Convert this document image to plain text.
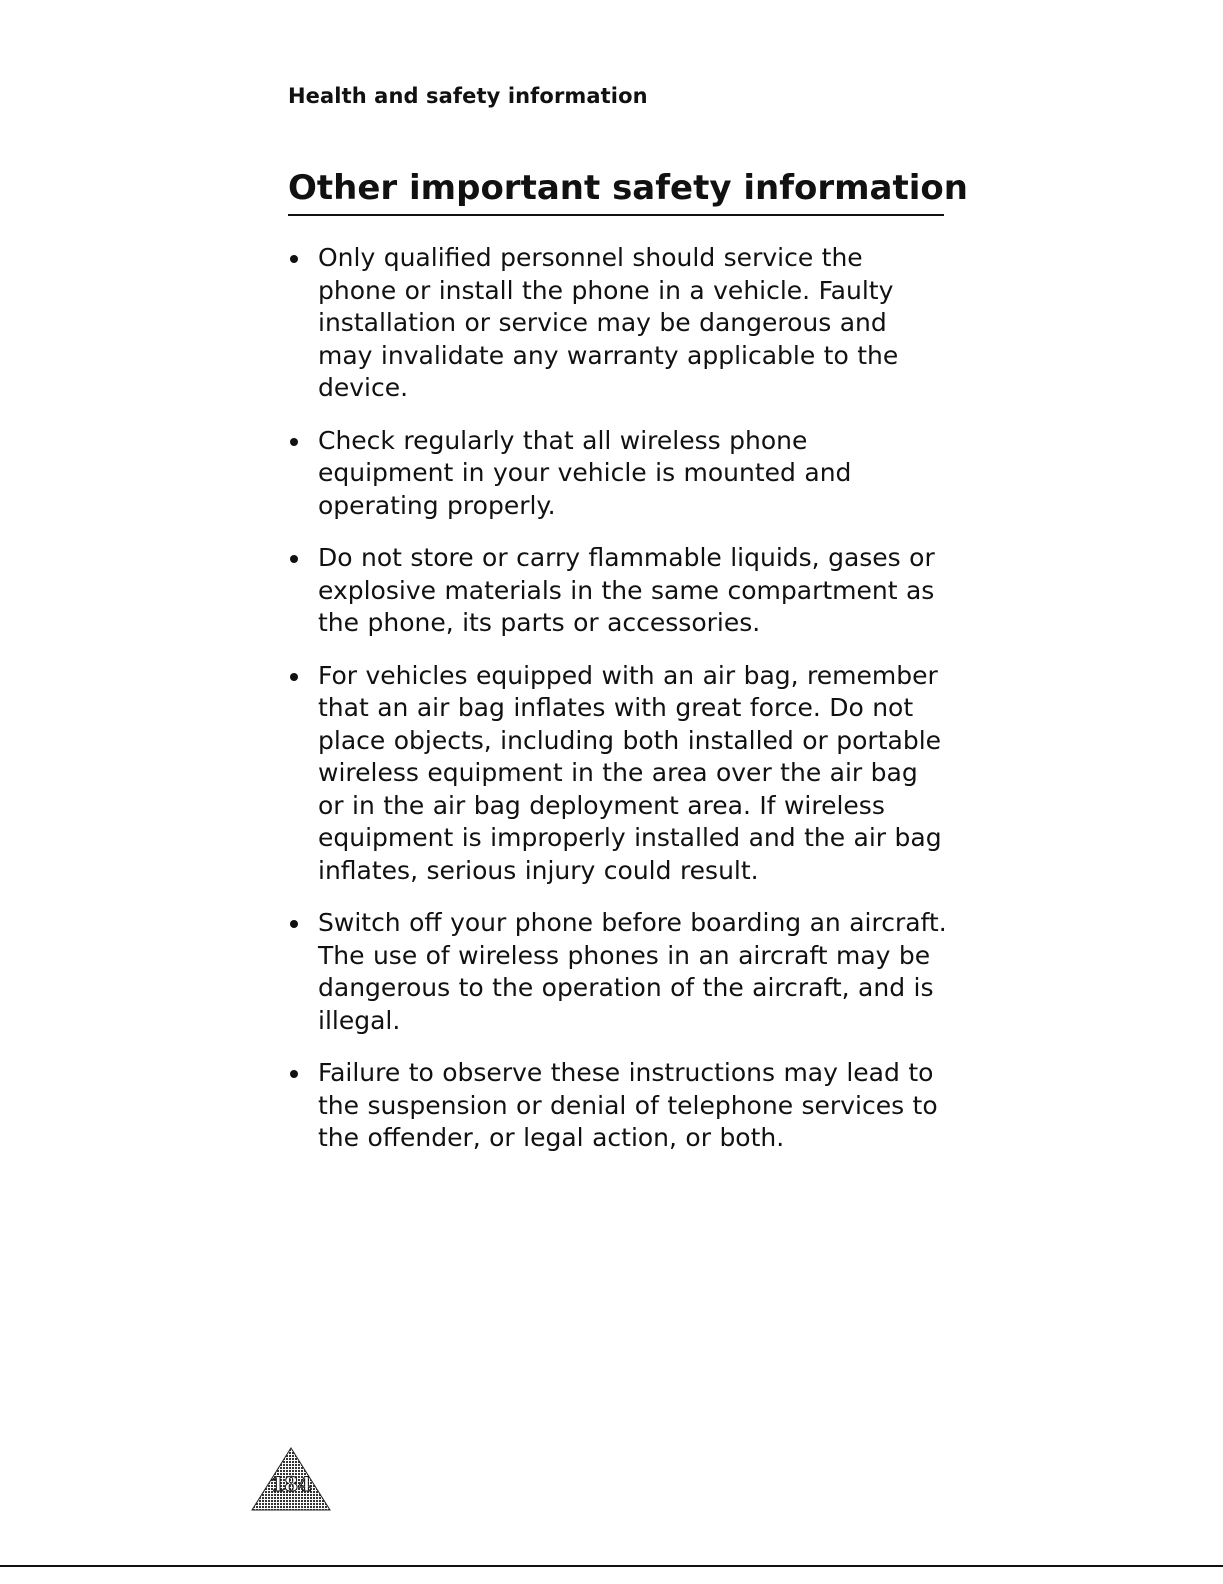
Health and safety information
Other important safety information
Only qualified personnel should service the phone or install the phone in a vehicle. Faulty installation or service may be dangerous and may invalidate any warranty applicable to the device.
Check regularly that all wireless phone equipment in your vehicle is mounted and operating properly.
Do not store or carry flammable liquids, gases or explosive materials in the same compartment as the phone, its parts or accessories.
For vehicles equipped with an air bag, remember that an air bag inflates with great force. Do not place objects, including both installed or portable wireless equipment in the area over the air bag or in the air bag deployment area. If wireless equipment is improperly installed and the air bag inflates, serious injury could result.
Switch off your phone before boarding an aircraft. The use of wireless phones in an aircraft may be dangerous to the operation of the aircraft, and is illegal.
Failure to observe these instructions may lead to the suspension or denial of telephone services to the offender, or legal action, or both.
184
